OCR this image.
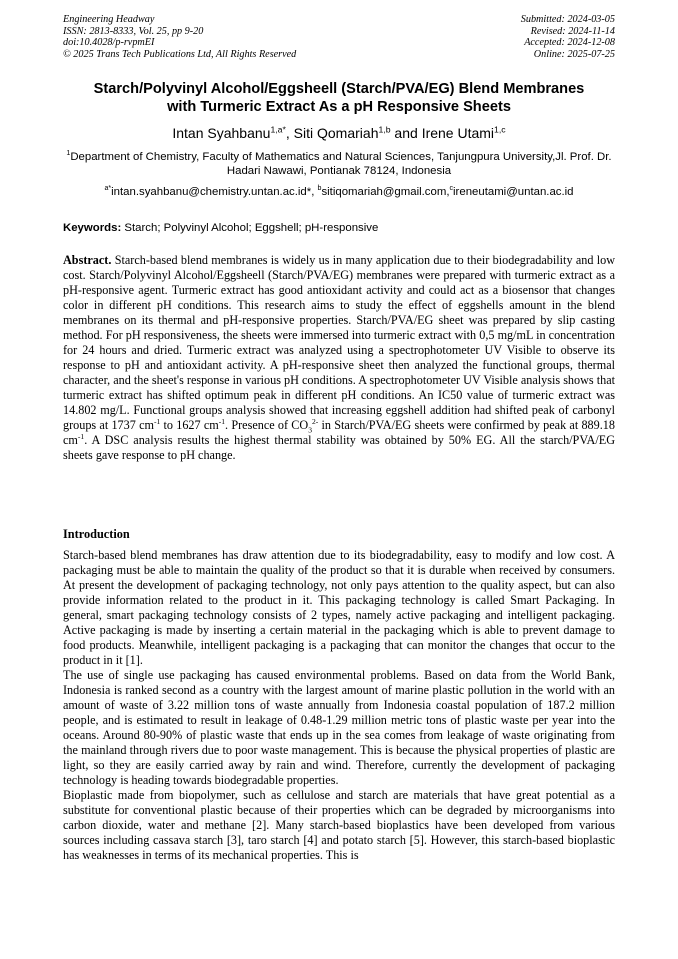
Engineering Headway
ISSN: 2813-8333, Vol. 25, pp 9-20
doi:10.4028/p-rvpmEI
© 2025 Trans Tech Publications Ltd, All Rights Reserved
Submitted: 2024-03-05
Revised: 2024-11-14
Accepted: 2024-12-08
Online: 2025-07-25
Starch/Polyvinyl Alcohol/Eggsheell (Starch/PVA/EG) Blend Membranes
with Turmeric Extract As a pH Responsive Sheets
Intan Syahbanu$^{1,a*}$, Siti Qomariah$^{1,b}$ and Irene Utami$^{1,c}$
$^1$Department of Chemistry, Faculty of Mathematics and Natural Sciences, Tanjungpura University,Jl. Prof. Dr. Hadari Nawawi, Pontianak 78124, Indonesia
$^{a*}$intan.syahbanu@chemistry.untan.ac.id*, $^b$sitiqomariah@gmail.com,$^c$ireneutami@untan.ac.id
Keywords: Starch; Polyvinyl Alcohol; Eggshell; pH-responsive
Abstract. Starch-based blend membranes is widely us in many application due to their biodegradability and low cost. Starch/Polyvinyl Alcohol/Eggsheell (Starch/PVA/EG) membranes were prepared with turmeric extract as a pH-responsive agent. Turmeric extract has good antioxidant activity and could act as a biosensor that changes color in different pH conditions. This research aims to study the effect of eggshells amount in the blend membranes on its thermal and pH-responsive properties. Starch/PVA/EG sheet was prepared by slip casting method. For pH responsiveness, the sheets were immersed into turmeric extract with 0,5 mg/mL in concentration for 24 hours and dried. Turmeric extract was analyzed using a spectrophotometer UV Visible to observe its response to pH and antioxidant activity. A pH-responsive sheet then analyzed the functional groups, thermal character, and the sheet's response in various pH conditions. A spectrophotometer UV Visible analysis shows that turmeric extract has shifted optimum peak in different pH conditions. An IC50 value of turmeric extract was 14.802 mg/L. Functional groups analysis showed that increasing eggshell addition had shifted peak of carbonyl groups at 1737 $cm^{-1}$ to 1627 $cm^{-1}$. Presence of $CO_3^{2-}$ in Starch/PVA/EG sheets were confirmed by peak at 889.18 $cm^{-1}$. A DSC analysis results the highest thermal stability was obtained by 50% EG. All the starch/PVA/EG sheets gave response to pH change.
Introduction

Starch-based blend membranes has draw attention due to its biodegradability, easy to modify and low cost. A packaging must be able to maintain the quality of the product so that it is durable when received by consumers. At present the development of packaging technology, not only pays attention to the quality aspect, but can also provide information related to the product in it. This packaging technology is called Smart Packaging. In general, smart packaging technology consists of 2 types, namely active packaging and intelligent packaging. Active packaging is made by inserting a certain material in the packaging which is able to prevent damage to food products. Meanwhile, intelligent packaging is a packaging that can monitor the changes that occur to the product in it [1].

The use of single use packaging has caused environmental problems. Based on data from the World Bank, Indonesia is ranked second as a country with the largest amount of marine plastic pollution in the world with an amount of waste of 3.22 million tons of waste annually from Indonesia coastal population of 187.2 million people, and is estimated to result in leakage of 0.48-1.29 million metric tons of plastic waste per year into the oceans. Around 80-90% of plastic waste that ends up in the sea comes from leakage of waste originating from the mainland through rivers due to poor waste management. This is because the physical properties of plastic are light, so they are easily carried away by rain and wind. Therefore, currently the development of packaging technology is heading towards biodegradable properties.

Bioplastic made from biopolymer, such as cellulose and starch are materials that have great potential as a substitute for conventional plastic because of their properties which can be degraded by microorganisms into carbon dioxide, water and methane [2]. Many starch-based bioplastics have been developed from various sources including cassava starch [3], taro starch [4] and potato starch [5]. However, this starch-based bioplastic has weaknesses in terms of its mechanical properties. This is
